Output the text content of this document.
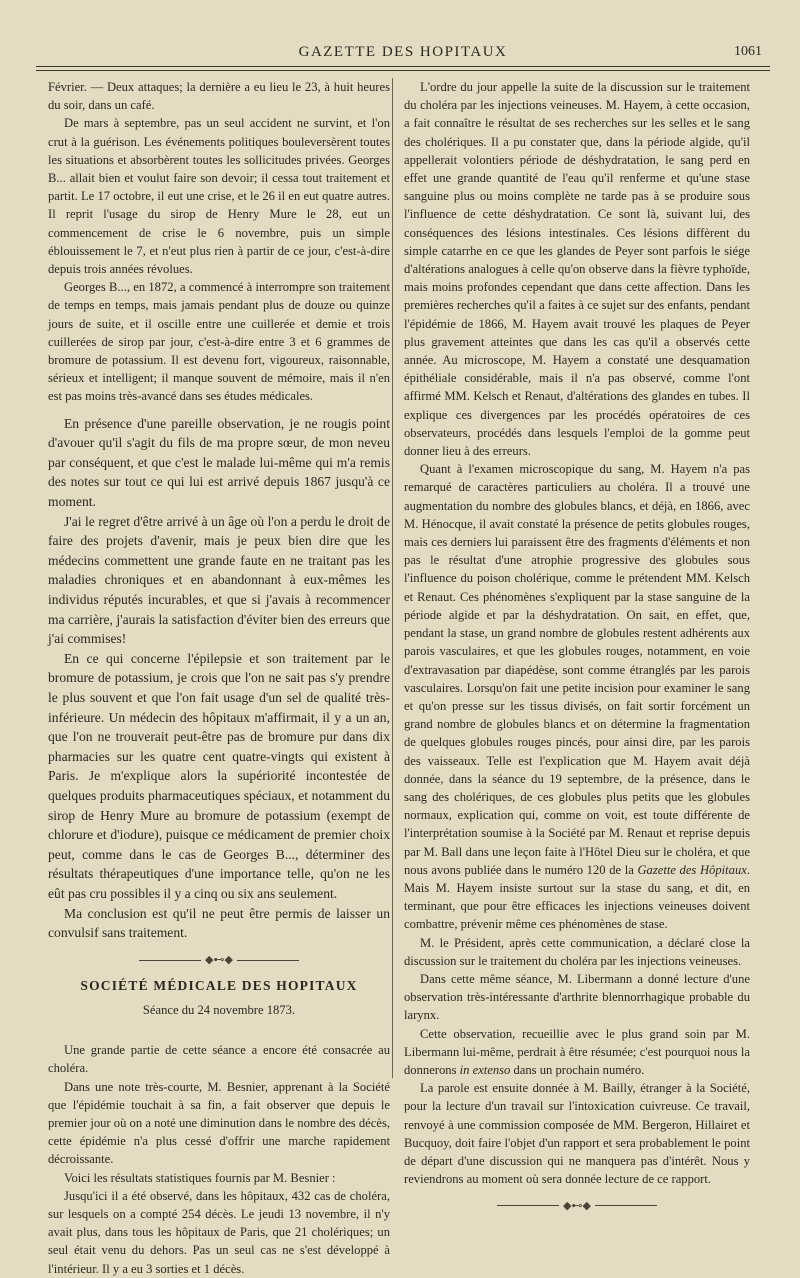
GAZETTE DES HOPITAUX	1061

Février. — Deux attaques; la dernière a eu lieu le 23, à huit heures du soir, dans un café.

De mars à septembre, pas un seul accident ne survint, et l'on crut à la guérison. Les événements politiques bouleversèrent toutes les situations et absorbèrent toutes les sollicitudes privées. Georges B... allait bien et voulut faire son devoir; il cessa tout traitement et partit. Le 17 octobre, il eut une crise, et le 26 il en eut quatre autres. Il reprit l'usage du sirop de Henry Mure le 28, eut un commencement de crise le 6 novembre, puis un simple éblouissement le 7, et n'eut plus rien à partir de ce jour, c'est-à-dire depuis trois années révolues.

Georges B..., en 1872, a commencé à interrompre son traitement de temps en temps, mais jamais pendant plus de douze ou quinze jours de suite, et il oscille entre une cuillerée et demie et trois cuillerées de sirop par jour, c'est-à-dire entre 3 et 6 grammes de bromure de potassium. Il est devenu fort, vigoureux, raisonnable, sérieux et intelligent; il manque souvent de mémoire, mais il n'en est pas moins très-avancé dans ses études médicales.

En présence d'une pareille observation, je ne rougis point d'avouer qu'il s'agit du fils de ma propre sœur, de mon neveu par conséquent, et que c'est le malade lui-même qui m'a remis des notes sur tout ce qui lui est arrivé depuis 1867 jusqu'à ce moment.

J'ai le regret d'être arrivé à un âge où l'on a perdu le droit de faire des projets d'avenir, mais je peux bien dire que les médecins commettent une grande faute en ne traitant pas les maladies chroniques et en abandonnant à eux-mêmes les individus réputés incurables, et que si j'avais à recommencer ma carrière, j'aurais la satisfaction d'éviter bien des erreurs que j'ai commises!

En ce qui concerne l'épilepsie et son traitement par le bromure de potassium, je crois que l'on ne sait pas s'y prendre le plus souvent et que l'on fait usage d'un sel de qualité très-inférieure. Un médecin des hôpitaux m'affirmait, il y a un an, que l'on ne trouverait peut-être pas de bromure pur dans dix pharmacies sur les quatre cent quatre-vingts qui existent à Paris. Je m'explique alors la supériorité incontestée de quelques produits pharmaceutiques spéciaux, et notamment du sirop de Henry Mure au bromure de potassium (exempt de chlorure et d'iodure), puisque ce médicament de premier choix peut, comme dans le cas de Georges B..., déterminer des résultats thérapeutiques d'une importance telle, qu'on ne les eût pas cru possibles il y a cinq ou six ans seulement.

Ma conclusion est qu'il ne peut être permis de laisser un convulsif sans traitement.

◆⊷◆
SOCIÉTÉ MÉDICALE DES HOPITAUX
Séance du 24 novembre 1873.

Une grande partie de cette séance a encore été consacrée au choléra.

Dans une note très-courte, M. Besnier, apprenant à la Société que l'épidémie touchait à sa fin, a fait observer que depuis le premier jour où on a noté une diminution dans le nombre des décès, cette épidémie n'a plus cessé d'offrir une marche rapidement décroissante.

Voici les résultats statistiques fournis par M. Besnier :

Jusqu'ici il a été observé, dans les hôpitaux, 432 cas de choléra, sur lesquels on a compté 254 décès. Le jeudi 13 novembre, il n'y avait plus, dans tous les hôpitaux de Paris, que 21 cholériques; un seul était venu du dehors. Pas un seul cas ne s'est développé à l'intérieur. Il y a eu 3 sorties et 1 décès.

L'ordre du jour appelle la suite de la discussion sur le traitement du choléra par les injections veineuses. M. Hayem, à cette occasion, a fait connaître le résultat de ses recherches sur les selles et le sang des cholériques. Il a pu constater que, dans la période algide, qu'il appellerait volontiers période de déshydratation, le sang perd en effet une grande quantité de l'eau qu'il renferme et qu'une stase sanguine plus ou moins complète ne tarde pas à se produire sous l'influence de cette déshydratation. Ce sont là, suivant lui, des conséquences des lésions intestinales. Ces lésions diffèrent du simple catarrhe en ce que les glandes de Peyer sont parfois le siége d'altérations analogues à celle qu'on observe dans la fièvre typhoïde, mais moins profondes cependant que dans cette affection. Dans les premières recherches qu'il a faites à ce sujet sur des enfants, pendant l'épidémie de 1866, M. Hayem avait trouvé les plaques de Peyer plus gravement atteintes que dans les cas qu'il a observés cette année. Au microscope, M. Hayem a constaté une desquamation épithéliale considérable, mais il n'a pas observé, comme l'ont affirmé MM. Kelsch et Renaut, d'altérations des glandes en tubes. Il explique ces divergences par les procédés opératoires de ces observateurs, procédés dans lesquels l'emploi de la gomme peut donner lieu à des erreurs.

Quant à l'examen microscopique du sang, M. Hayem n'a pas remarqué de caractères particuliers au choléra. Il a trouvé une augmentation du nombre des globules blancs, et déjà, en 1866, avec M. Hénocque, il avait constaté la présence de petits globules rouges, mais ces derniers lui paraissent être des fragments d'éléments et non pas le résultat d'une atrophie progressive des globules sous l'influence du poison cholérique, comme le prétendent MM. Kelsch et Renaut. Ces phénomènes s'expliquent par la stase sanguine de la période algide et par la déshydratation. On sait, en effet, que, pendant la stase, un grand nombre de globules restent adhérents aux parois vasculaires, et que les globules rouges, notamment, en voie d'extravasation par diapédèse, sont comme étranglés par les parois vasculaires. Lorsqu'on fait une petite incision pour examiner le sang et qu'on presse sur les tissus divisés, on fait sortir forcément un grand nombre de globules blancs et on détermine la fragmentation de quelques globules rouges pincés, pour ainsi dire, par les parois des vaisseaux. Telle est l'explication que M. Hayem avait déjà donnée, dans la séance du 19 septembre, de la présence, dans le sang des cholériques, de ces globules plus petits que les globules normaux, explication qui, comme on voit, est toute différente de l'interprétation soumise à la Société par M. Renaut et reprise depuis par M. Ball dans une leçon faite à l'Hôtel Dieu sur le choléra, et que nous avons publiée dans le numéro 120 de la Gazette des Hôpitaux. Mais M. Hayem insiste surtout sur la stase du sang, et dit, en terminant, que pour être efficaces les injections veineuses doivent combattre, prévenir même ces phénomènes de stase.

M. le Président, après cette communication, a déclaré close la discussion sur le traitement du choléra par les injections veineuses.

Dans cette même séance, M. Libermann a donné lecture d'une observation très-intéressante d'arthrite blennorrhagique probable du larynx.

Cette observation, recueillie avec le plus grand soin par M. Libermann lui-même, perdrait à être résumée; c'est pourquoi nous la donnerons in extenso dans un prochain numéro.

La parole est ensuite donnée à M. Bailly, étranger à la Société, pour la lecture d'un travail sur l'intoxication cuivreuse. Ce travail, renvoyé à une commission composée de MM. Bergeron, Hillairet et Bucquoy, doit faire l'objet d'un rapport et sera probablement le point de départ d'une discussion qui ne manquera pas d'intérêt. Nous y reviendrons au moment où sera donnée lecture de ce rapport.

◆⊷◆
